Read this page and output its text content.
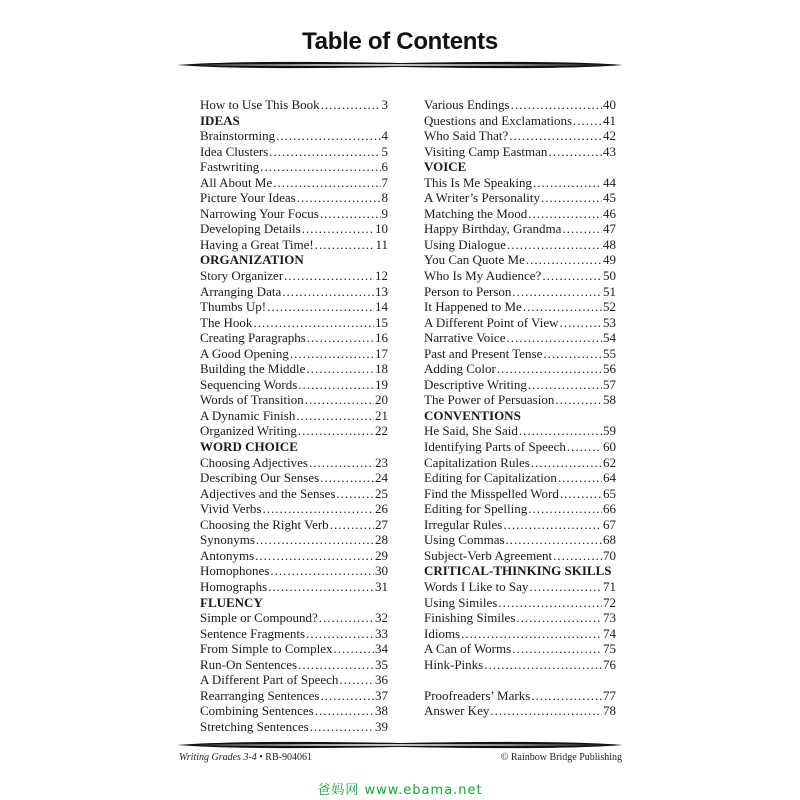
Table of Contents
How to Use This Book .....	3
IDEAS
Brainstorming .....	4
Idea Clusters .....	5
Fastwriting .....	6
All About Me .....	7
Picture Your Ideas .....	8
Narrowing Your Focus .....	9
Developing Details .....	10
Having a Great Time! .....	11
ORGANIZATION
Story Organizer .....	12
Arranging Data .....	13
Thumbs Up! .....	14
The Hook .....	15
Creating Paragraphs .....	16
A Good Opening .....	17
Building the Middle .....	18
Sequencing Words .....	19
Words of Transition .....	20
A Dynamic Finish .....	21
Organized Writing .....	22
WORD CHOICE
Choosing Adjectives .....	23
Describing Our Senses .....	24
Adjectives and the Senses .....	25
Vivid Verbs .....	26
Choosing the Right Verb .....	27
Synonyms .....	28
Antonyms .....	29
Homophones .....	30
Homographs .....	31
FLUENCY
Simple or Compound? .....	32
Sentence Fragments .....	33
From Simple to Complex .....	34
Run-On Sentences .....	35
A Different Part of Speech .....	36
Rearranging Sentences .....	37
Combining Sentences .....	38
Stretching Sentences .....	39
Various Endings .....	40
Questions and Exclamations ..... 41
Who Said That? .....	42
Visiting Camp Eastman .....	43
VOICE
This Is Me Speaking .....	44
A Writer’s Personality .....	45
Matching the Mood .....	46
Happy Birthday, Grandma .....	47
Using Dialogue .....	48
You Can Quote Me .....	49
Who Is My Audience? .....	50
Person to Person .....	51
It Happened to Me .....	52
A Different Point of View .....	53
Narrative Voice .....	54
Past and Present Tense .....	55
Adding Color .....	56
Descriptive Writing .....	57
The Power of Persuasion .....	58
CONVENTIONS
He Said, She Said .....	59
Identifying Parts of Speech .....	60
Capitalization Rules .....	62
Editing for Capitalization .....	64
Find the Misspelled Word .....	65
Editing for Spelling .....	66
Irregular Rules .....	67
Using Commas .....	68
Subject-Verb Agreement .....	70
CRITICAL-THINKING SKILLS
Words I Like to Say .....	71
Using Similes .....	72
Finishing Similes .....	73
Idioms .....	74
A Can of Worms .....	75
Hink-Pinks .....	76
Proofreaders’ Marks .....	77
Answer Key .....	78
Writing Grades 3-4 • RB-904061	© Rainbow Bridge Publishing
爸妈网 www.ebama.net
